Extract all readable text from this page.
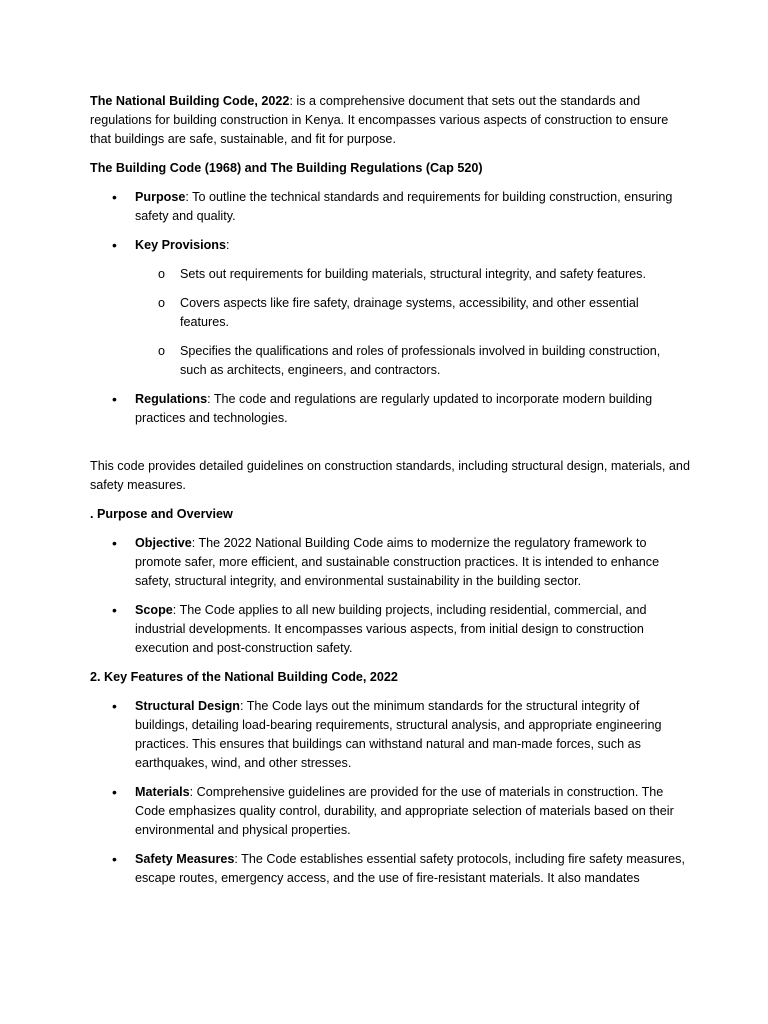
The National Building Code, 2022: is a comprehensive document that sets out the standards and regulations for building construction in Kenya. It encompasses various aspects of construction to ensure that buildings are safe, sustainable, and fit for purpose.

The Building Code (1968) and The Building Regulations (Cap 520)

• Purpose: To outline the technical standards and requirements for building construction, ensuring safety and quality.
• Key Provisions:
o Sets out requirements for building materials, structural integrity, and safety features.
o Covers aspects like fire safety, drainage systems, accessibility, and other essential features.
o Specifies the qualifications and roles of professionals involved in building construction, such as architects, engineers, and contractors.
• Regulations: The code and regulations are regularly updated to incorporate modern building practices and technologies.

This code provides detailed guidelines on construction standards, including structural design, materials, and safety measures.

. Purpose and Overview

• Objective: The 2022 National Building Code aims to modernize the regulatory framework to promote safer, more efficient, and sustainable construction practices. It is intended to enhance safety, structural integrity, and environmental sustainability in the building sector.
• Scope: The Code applies to all new building projects, including residential, commercial, and industrial developments. It encompasses various aspects, from initial design to construction execution and post-construction safety.

2. Key Features of the National Building Code, 2022

• Structural Design: The Code lays out the minimum standards for the structural integrity of buildings, detailing load-bearing requirements, structural analysis, and appropriate engineering practices. This ensures that buildings can withstand natural and man-made forces, such as earthquakes, wind, and other stresses.
• Materials: Comprehensive guidelines are provided for the use of materials in construction. The Code emphasizes quality control, durability, and appropriate selection of materials based on their environmental and physical properties.
• Safety Measures: The Code establishes essential safety protocols, including fire safety measures, escape routes, emergency access, and the use of fire-resistant materials. It also mandates
